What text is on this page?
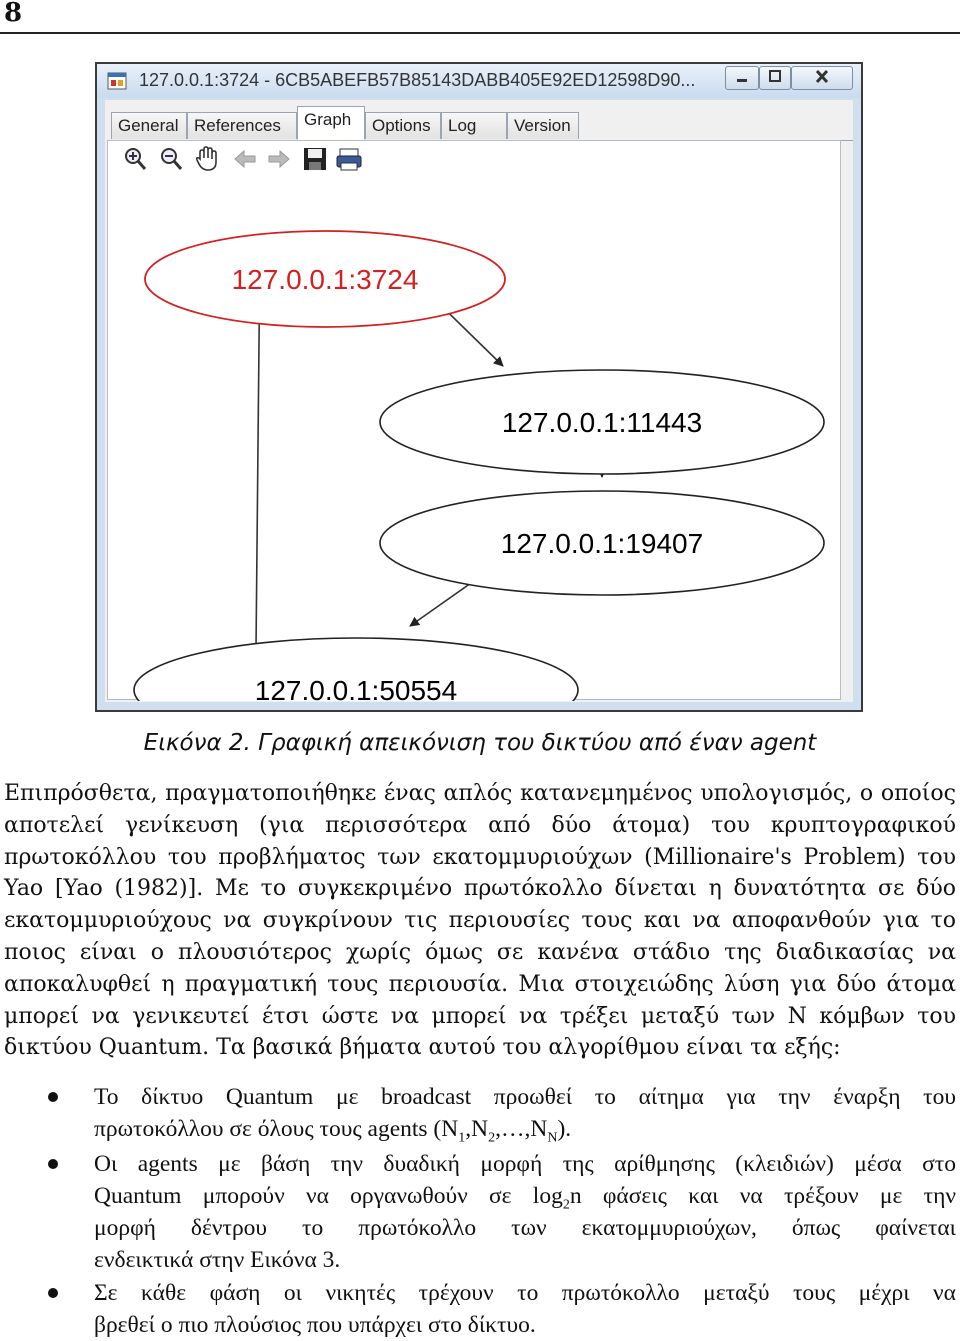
8
127.0.0.1:3724 - 6CB5ABEFB57B85143DABB405E92ED12598D90...
General References	Graph	Options	Log	Version
127.0.0.1:3724
127.0.0.1:11443
127.0.0.1:19407
127.0.0.1:50554
Εικόνα 2. Γραφική απεικόνιση του δικτύου από έναν agent
Επιπρόσθετα, πραγματοποιήθηκε ένας απλός κατανεμημένος υπολογισμός, ο οποίος
αποτελεί γενίκευση (για περισσότερα από δύο άτομα) του κρυπτογραφικού
πρωτοκόλλου του προβλήματος των εκατομμυριούχων (Millionaire's Problem) του
Yao [Yao (1982)]. Με το συγκεκριμένο πρωτόκολλο δίνεται η δυνατότητα σε δύο
εκατομμυριούχους να συγκρίνουν τις περιουσίες τους και να αποφανθούν για το
ποιος είναι ο πλουσιότερος χωρίς όμως σε κανένα στάδιο της διαδικασίας να
αποκαλυφθεί η πραγματική τους περιουσία. Μια στοιχειώδης λύση για δύο άτομα
μπορεί να γενικευτεί έτσι ώστε να μπορεί να τρέξει μεταξύ των N κόμβων του
δικτύου Quantum. Τα βασικά βήματα αυτού του αλγορίθμου είναι τα εξής:
Το δίκτυο Quantum με broadcast προωθεί το αίτημα για την έναρξη του
πρωτοκόλλου σε όλους τους agents $(N_1,N_2,\dots,N_N)$.
Οι agents με βάση την δυαδική μορφή της αρίθμησης (κλειδιών) μέσα στο
Quantum μπορούν να οργανωθούν σε $\log_2n$ φάσεις και να τρέξουν με την
μορφή δέντρου το πρωτόκολλο των εκατομμυριούχων, όπως φαίνεται
ενδεικτικά στην Εικόνα 3.
Σε κάθε φάση οι νικητές τρέχουν το πρωτόκολλο μεταξύ τους μέχρι να
βρεθεί ο πιο πλούσιος που υπάρχει στο δίκτυο.
